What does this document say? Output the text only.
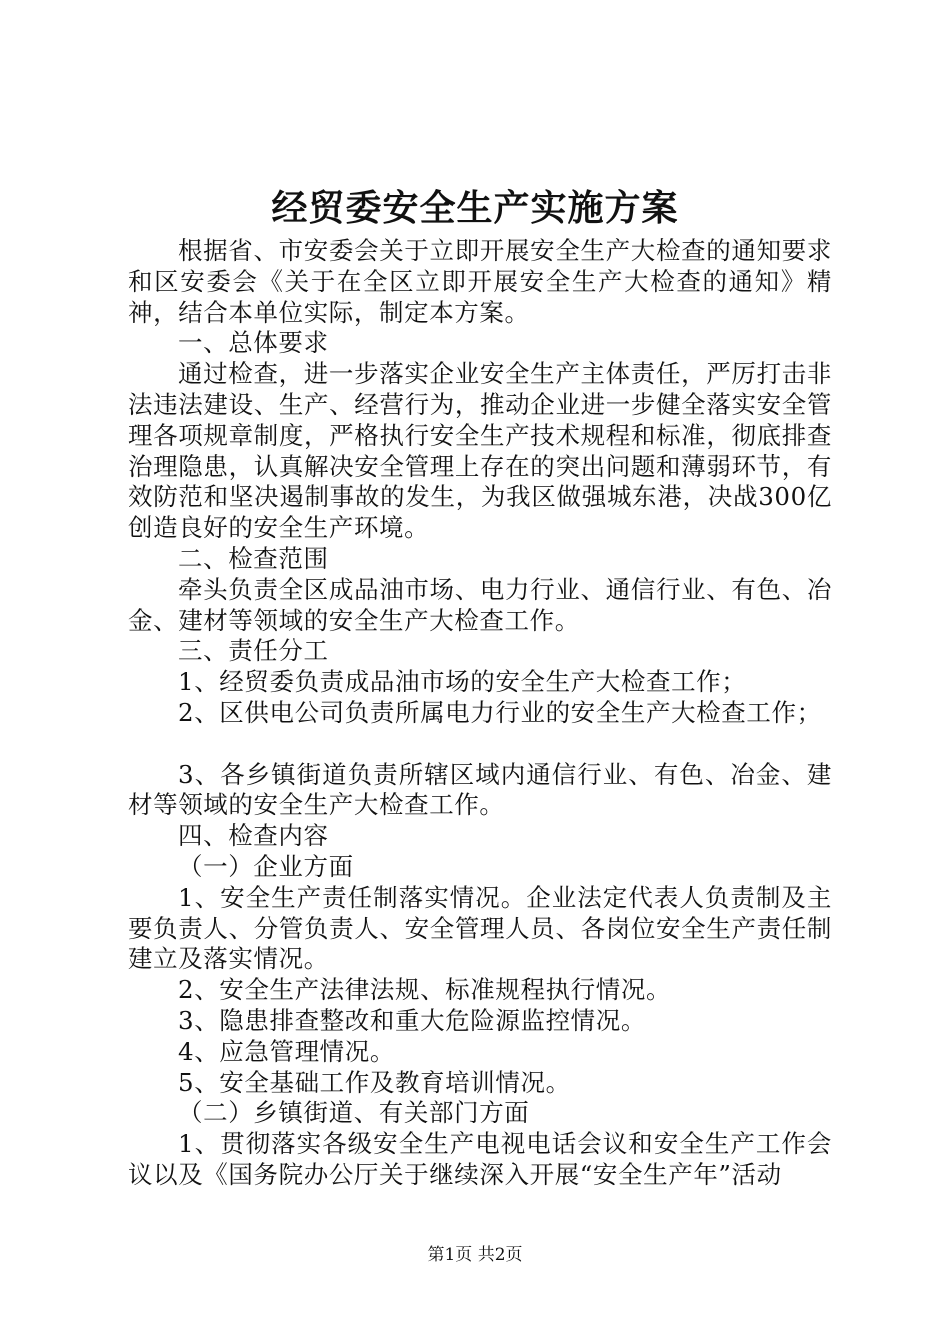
经贸委安全生产实施方案

根据省、市安委会关于立即开展安全生产大检查的通知要求和区安委会《关于在全区立即开展安全生产大检查的通知》精神，结合本单位实际，制定本方案。

一、总体要求

通过检查，进一步落实企业安全生产主体责任，严厉打击非法违法建设、生产、经营行为，推动企业进一步健全落实安全管理各项规章制度，严格执行安全生产技术规程和标准，彻底排查治理隐患，认真解决安全管理上存在的突出问题和薄弱环节，有效防范和坚决遏制事故的发生，为我区做强城东港，决战300亿创造良好的安全生产环境。

二、检查范围

牵头负责全区成品油市场、电力行业、通信行业、有色、冶金、建材等领域的安全生产大检查工作。

三、责任分工

1、经贸委负责成品油市场的安全生产大检查工作；

2、区供电公司负责所属电力行业的安全生产大检查工作；

3、各乡镇街道负责所辖区域内通信行业、有色、冶金、建材等领域的安全生产大检查工作。

四、检查内容

（一）企业方面

1、安全生产责任制落实情况。企业法定代表人负责制及主要负责人、分管负责人、安全管理人员、各岗位安全生产责任制建立及落实情况。

2、安全生产法律法规、标准规程执行情况。

3、隐患排查整改和重大危险源监控情况。

4、应急管理情况。

5、安全基础工作及教育培训情况。

（二）乡镇街道、有关部门方面

1、贯彻落实各级安全生产电视电话会议和安全生产工作会议以及《国务院办公厅关于继续深入开展“安全生产年”活动

第1页 共2页
